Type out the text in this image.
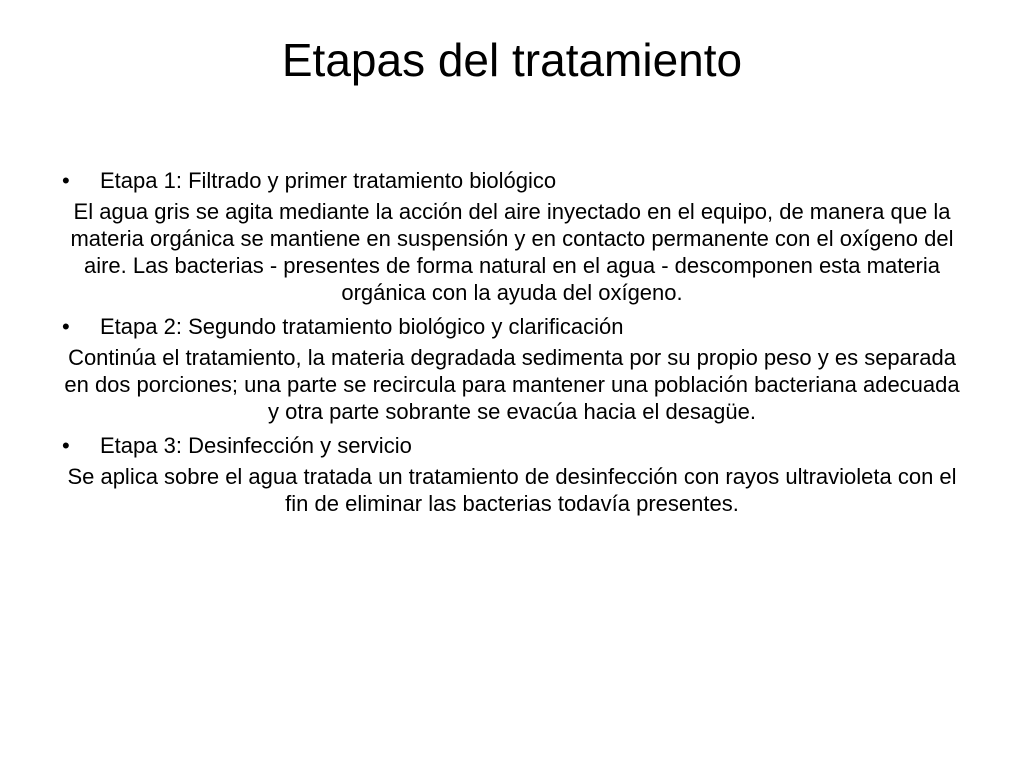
Etapas del tratamiento
•	Etapa 1: Filtrado y primer tratamiento biológico

El agua gris se agita mediante la acción del aire inyectado en el equipo, de manera que la materia orgánica se mantiene en suspensión y en contacto permanente con el oxígeno del aire. Las bacterias - presentes de forma natural en el agua - descomponen esta materia orgánica con la ayuda del oxígeno.

•	Etapa 2: Segundo tratamiento biológico y clarificación

Continúa el tratamiento, la materia degradada sedimenta por su propio peso y es separada en dos porciones; una parte se recircula para mantener una población bacteriana adecuada y otra parte sobrante se evacúa hacia el desagüe.

•	Etapa 3: Desinfección y servicio

Se aplica sobre el agua tratada un tratamiento de desinfección con rayos ultravioleta con el fin de eliminar las bacterias todavía presentes.
